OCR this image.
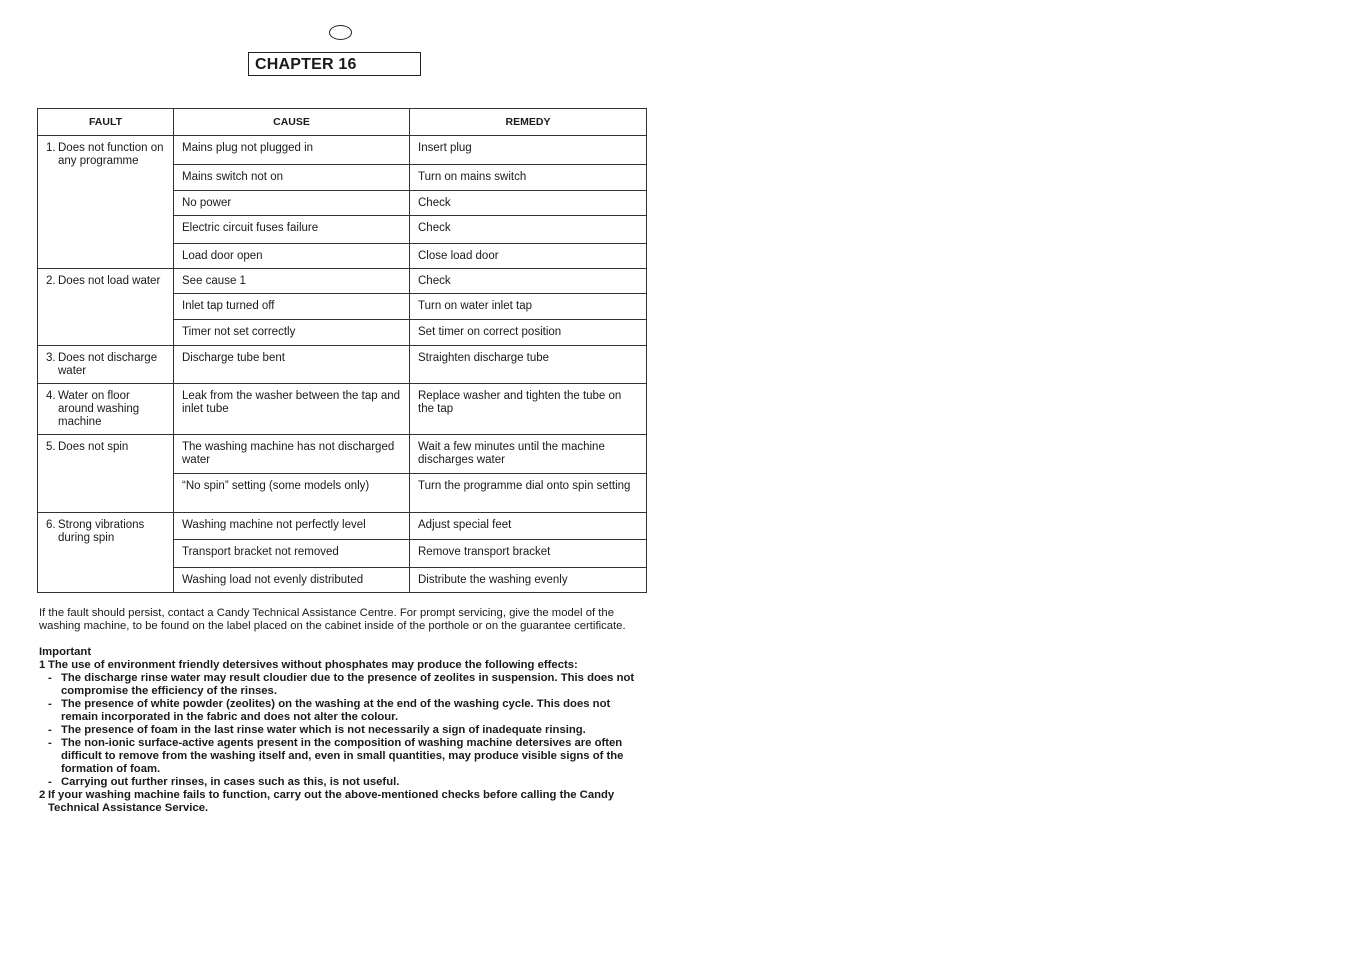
CHAPTER 16
FAULT	CAUSE	REMEDY

1. Does not function on any programme	Mains plug not plugged in	Insert plug
	Mains switch not on	Turn on mains switch
	No power	Check
	Electric circuit fuses failure	Check
	Load door open	Close load door

2. Does not load water	See cause 1	Check
	Inlet tap turned off	Turn on water inlet tap
	Timer not set correctly	Set timer on correct position

3. Does not discharge water	Discharge tube bent	Straighten discharge tube

4. Water on floor around washing machine	Leak from the washer between the tap and inlet tube	Replace washer and tighten the tube on the tap

5. Does not spin	The washing machine has not discharged water	Wait a few minutes until the machine discharges water
	“No spin” setting (some models only)	Turn the programme dial onto spin setting

6. Strong vibrations during spin	Washing machine not perfectly level	Adjust special feet
	Transport bracket not removed	Remove transport bracket
	Washing load not evenly distributed	Distribute the washing evenly

If the fault should persist, contact a Candy Technical Assistance Centre. For prompt servicing, give the model of the washing machine, to be found on the label placed on the cabinet inside of the porthole or on the guarantee certificate.

Important

1 The use of environment friendly detersives without phosphates may produce the following effects:
- The discharge rinse water may result cloudier due to the presence of zeolites in suspension. This does not compromise the efficiency of the rinses.
- The presence of white powder (zeolites) on the washing at the end of the washing cycle. This does not remain incorporated in the fabric and does not alter the colour.
- The presence of foam in the last rinse water which is not necessarily a sign of inadequate rinsing.
- The non-ionic surface-active agents present in the composition of washing machine detersives are often difficult to remove from the washing itself and, even in small quantities, may produce visible signs of the formation of foam.
- Carrying out further rinses, in cases such as this, is not useful.
2 If your washing machine fails to function, carry out the above-mentioned checks before calling the Candy Technical Assistance Service.
